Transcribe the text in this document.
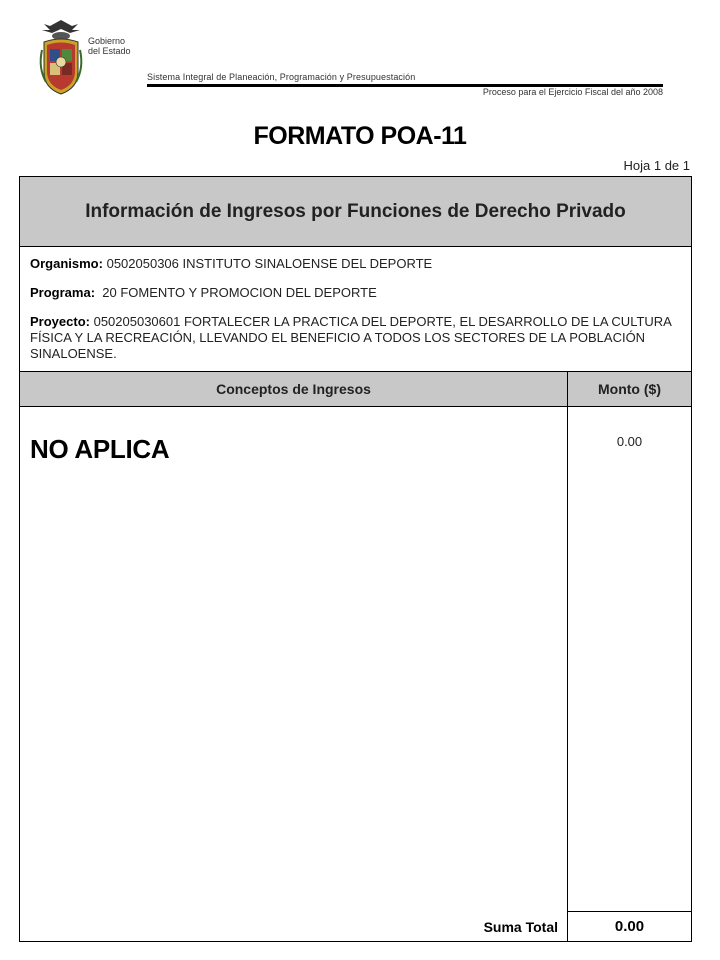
Gobierno
del Estado
Sistema Integral de Planeación, Programación y Presupuestación
Proceso para el Ejercicio Fiscal del año 2008
FORMATO POA-11
Hoja 1 de 1
Información de Ingresos por Funciones de Derecho Privado
Organismo: 0502050306 INSTITUTO SINALOENSE DEL DEPORTE
Programa: 20 FOMENTO Y PROMOCION DEL DEPORTE
Proyecto: 050205030601 FORTALECER LA PRACTICA DEL DEPORTE, EL DESARROLLO DE LA CULTURA FÍSICA Y LA RECREACIÓN, LLEVANDO EL BENEFICIO A TODOS LOS SECTORES DE LA POBLACIÓN SINALOENSE.
Conceptos de Ingresos	Monto ($)
NO APLICA	0.00
Suma Total	0.00
